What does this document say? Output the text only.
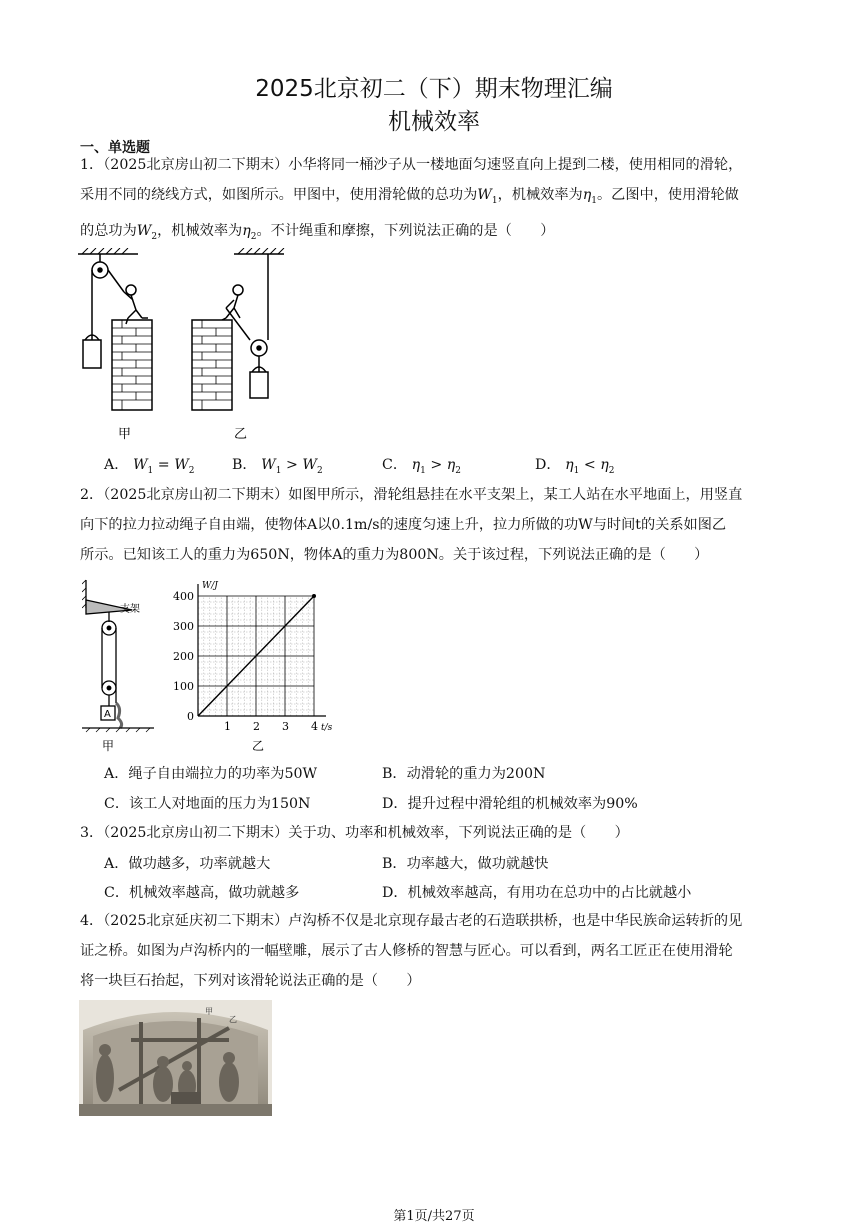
2025北京初二（下）期末物理汇编
机械效率
一、单选题
1．（2025北京房山初二下期末）小华将同一桶沙子从一楼地面匀速竖直向上提到二楼，使用相同的滑轮，
采用不同的绕线方式，如图所示。甲图中，使用滑轮做的总功为$W_1$，机械效率为$\eta_1$。乙图中，使用滑轮做
的总功为$W_2$，机械效率为$\eta_2$。不计绳重和摩擦，下列说法正确的是（　　）
甲	乙
A． $W_1 = W_2$	B． $W_1 > W_2$	C． $\eta_1 > \eta_2$	D． $\eta_1 < \eta_2$
2．（2025北京房山初二下期末）如图甲所示，滑轮组悬挂在水平支架上，某工人站在水平地面上，用竖直
向下的拉力拉动绳子自由端，使物体A以0.1m/s的速度匀速上升，拉力所做的功W与时间t的关系如图乙
所示。已知该工人的重力为650N，物体A的重力为800N。关于该过程，下列说法正确的是（　　）
支架
A
甲
1 2 3 4
0
100
200
300
400
W/J
t/s
乙
A．绳子自由端拉力的功率为50W	B．动滑轮的重力为200N
C．该工人对地面的压力为150N	D．提升过程中滑轮组的机械效率为90%
3．（2025北京房山初二下期末）关于功、功率和机械效率，下列说法正确的是（　　）
A．做功越多，功率就越大	B．功率越大，做功就越快
C．机械效率越高，做功就越多	D．机械效率越高，有用功在总功中的占比就越小
4．（2025北京延庆初二下期末）卢沟桥不仅是北京现存最古老的石造联拱桥，也是中华民族命运转折的见
证之桥。如图为卢沟桥内的一幅壁雕，展示了古人修桥的智慧与匠心。可以看到，两名工匠正在使用滑轮
将一块巨石抬起，下列对该滑轮说法正确的是（　　）
甲
乙
第1页/共27页
